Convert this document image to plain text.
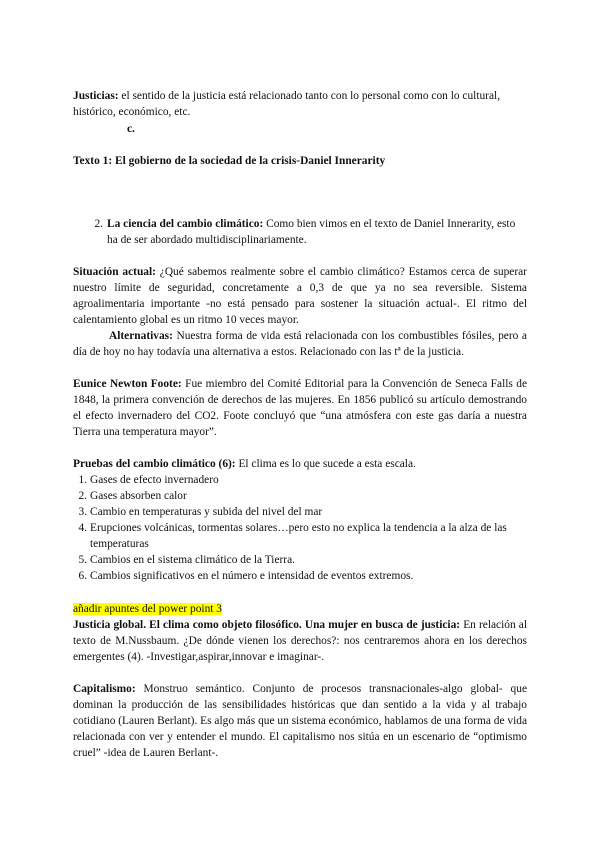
Justicias: el sentido de la justicia está relacionado tanto con lo personal como con lo cultural, histórico, económico, etc.
c.
Texto 1: El gobierno de la sociedad de la crisis-Daniel Innerarity
2. La ciencia del cambio climático: Como bien vimos en el texto de Daniel Innerarity, esto ha de ser abordado multidisciplinariamente.
Situación actual: ¿Qué sabemos realmente sobre el cambio climático? Estamos cerca de superar nuestro límite de seguridad, concretamente a 0,3 de que ya no sea reversible. Sistema agroalimentaria importante -no está pensado para sostener la situación actual-. El ritmo del calentamiento global es un ritmo 10 veces mayor.
Alternativas: Nuestra forma de vida está relacionada con los combustibles fósiles, pero a día de hoy no hay todavía una alternativa a estos. Relacionado con las tª de la justicia.
Eunice Newton Foote: Fue miembro del Comité Editorial para la Convención de Seneca Falls de 1848, la primera convención de derechos de las mujeres. En 1856 publicó su artículo demostrando el efecto invernadero del CO2. Foote concluyó que “una atmósfera con este gas daría a nuestra Tierra una temperatura mayor”.
Pruebas del cambio climático (6): El clima es lo que sucede a esta escala.
1. Gases de efecto invernadero
2. Gases absorben calor
3. Cambio en temperaturas y subida del nivel del mar
4. Erupciones volcánicas, tormentas solares…pero esto no explica la tendencia a la alza de las temperaturas
5. Cambios en el sistema climático de la Tierra.
6. Cambios significativos en el número e intensidad de eventos extremos.
añadir apuntes del power point 3
Justicia global. El clima como objeto filosófico. Una mujer en busca de justicia: En relación al texto de M.Nussbaum. ¿De dónde vienen los derechos?: nos centraremos ahora en los derechos emergentes (4). -Investigar,aspirar,innovar e imaginar-.
Capitalismo: Monstruo semántico. Conjunto de procesos transnacionales-algo global- que dominan la producción de las sensibilidades históricas que dan sentido a la vida y al trabajo cotidiano (Lauren Berlant). Es algo más que un sistema económico, hablamos de una forma de vida relacionada con ver y entender el mundo. El capitalismo nos sitúa en un escenario de “optimismo cruel” -idea de Lauren Berlant-.
